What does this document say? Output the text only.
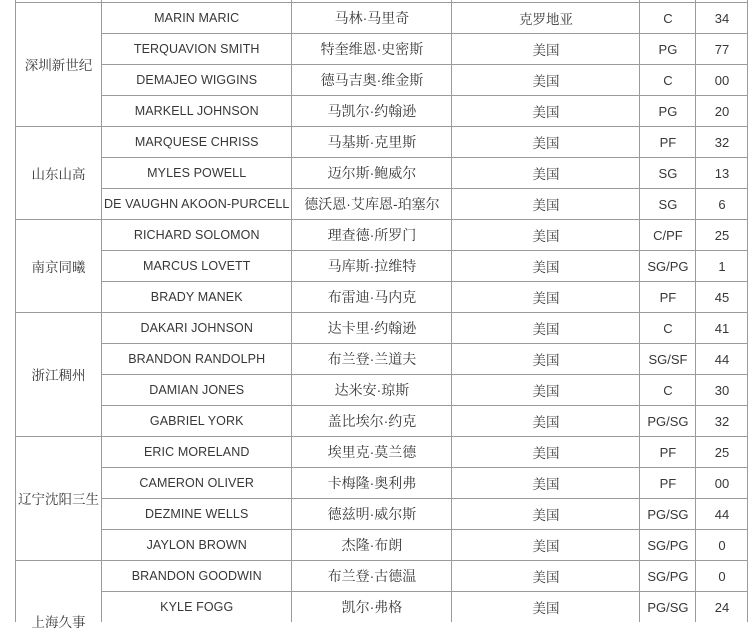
深圳新世纪	MARIN MARIC	马林·马里奇	克罗地亚	C	34
	TERQUAVION SMITH	特奎维恩·史密斯	美国	PG	77
	DEMAJEO WIGGINS	德马吉奥·维金斯	美国	C	00
	MARKELL JOHNSON	马凯尔·约翰逊	美国	PG	20
山东山高	MARQUESE CHRISS	马基斯·克里斯	美国	PF	32
	MYLES POWELL	迈尔斯·鲍威尔	美国	SG	13
	DE VAUGHN AKOON-PURCELL	德沃恩·艾库恩-珀塞尔	美国	SG	6
南京同曦	RICHARD SOLOMON	理查德·所罗门	美国	C/PF	25
	MARCUS LOVETT	马库斯·拉维特	美国	SG/PG	1
	BRADY MANEK	布雷迪·马内克	美国	PF	45
浙江稠州	DAKARI JOHNSON	达卡里·约翰逊	美国	C	41
	BRANDON RANDOLPH	布兰登·兰道夫	美国	SG/SF	44
	DAMIAN JONES	达米安·琼斯	美国	C	30
	GABRIEL YORK	盖比埃尔·约克	美国	PG/SG	32
辽宁沈阳三生	ERIC MORELAND	埃里克·莫兰德	美国	PF	25
	CAMERON OLIVER	卡梅隆·奥利弗	美国	PF	00
	DEZMINE WELLS	德兹明·威尔斯	美国	PG/SG	44
	JAYLON BROWN	杰隆·布朗	美国	SG/PG	0

上海久事	BRANDON GOODWIN	布兰登·古德温	美国	SG/PG	0
	KYLE FOGG	凯尔·弗格	美国	PG/SG	24
